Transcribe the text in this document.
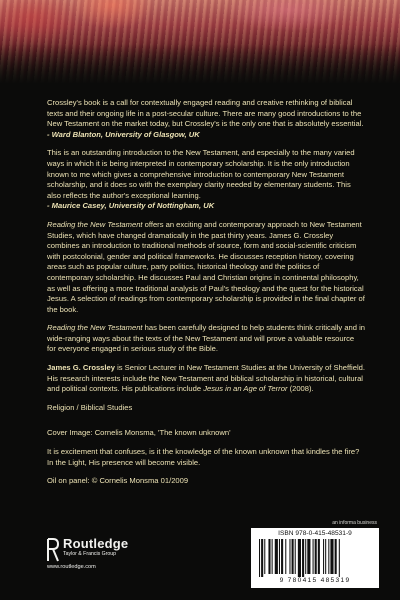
Crossley's book is a call for contextually engaged reading and creative rethinking of biblical texts and their ongoing life in a post-secular culture. There are many good introductions to the New Testament on the market today, but Crossley's is the only one that is absolutely essential.
- Ward Blanton, University of Glasgow, UK

This is an outstanding introduction to the New Testament, and especially to the many varied ways in which it is being interpreted in contemporary scholarship. It is the only introduction known to me which gives a comprehensive introduction to contemporary New Testament scholarship, and it does so with the exemplary clarity needed by elementary students. This also reflects the author's exceptional learning.
- Maurice Casey, University of Nottingham, UK

Reading the New Testament offers an exciting and contemporary approach to New Testament Studies, which have changed dramatically in the past thirty years. James G. Crossley combines an introduction to traditional methods of source, form and social-scientific criticism with postcolonial, gender and political frameworks. He discusses reception history, covering areas such as popular culture, party politics, historical theology and the politics of contemporary scholarship. He discusses Paul and Christian origins in continental philosophy, as well as offering a more traditional analysis of Paul's theology and the quest for the historical Jesus. A selection of readings from contemporary scholarship is provided in the final chapter of the book.

Reading the New Testament has been carefully designed to help students think critically and in wide-ranging ways about the texts of the New Testament and will prove a valuable resource for everyone engaged in serious study of the Bible.

James G. Crossley is Senior Lecturer in New Testament Studies at the University of Sheffield. His research interests include the New Testament and biblical scholarship in historical, cultural and political contexts. His publications include Jesus in an Age of Terror (2008).

Religion / Biblical Studies

Cover Image: Cornelis Monsma, 'The known unknown'

It is excitement that confuses, is it the knowledge of the known unknown that kindles the fire? In the Light, His presence will become visible.

Oil on panel: © Cornelis Monsma 01/2009

Routledge
Taylor & Francis Group
www.routledge.com
an informa business
ISBN 978-0-415-48531-9
9 780415 485319
